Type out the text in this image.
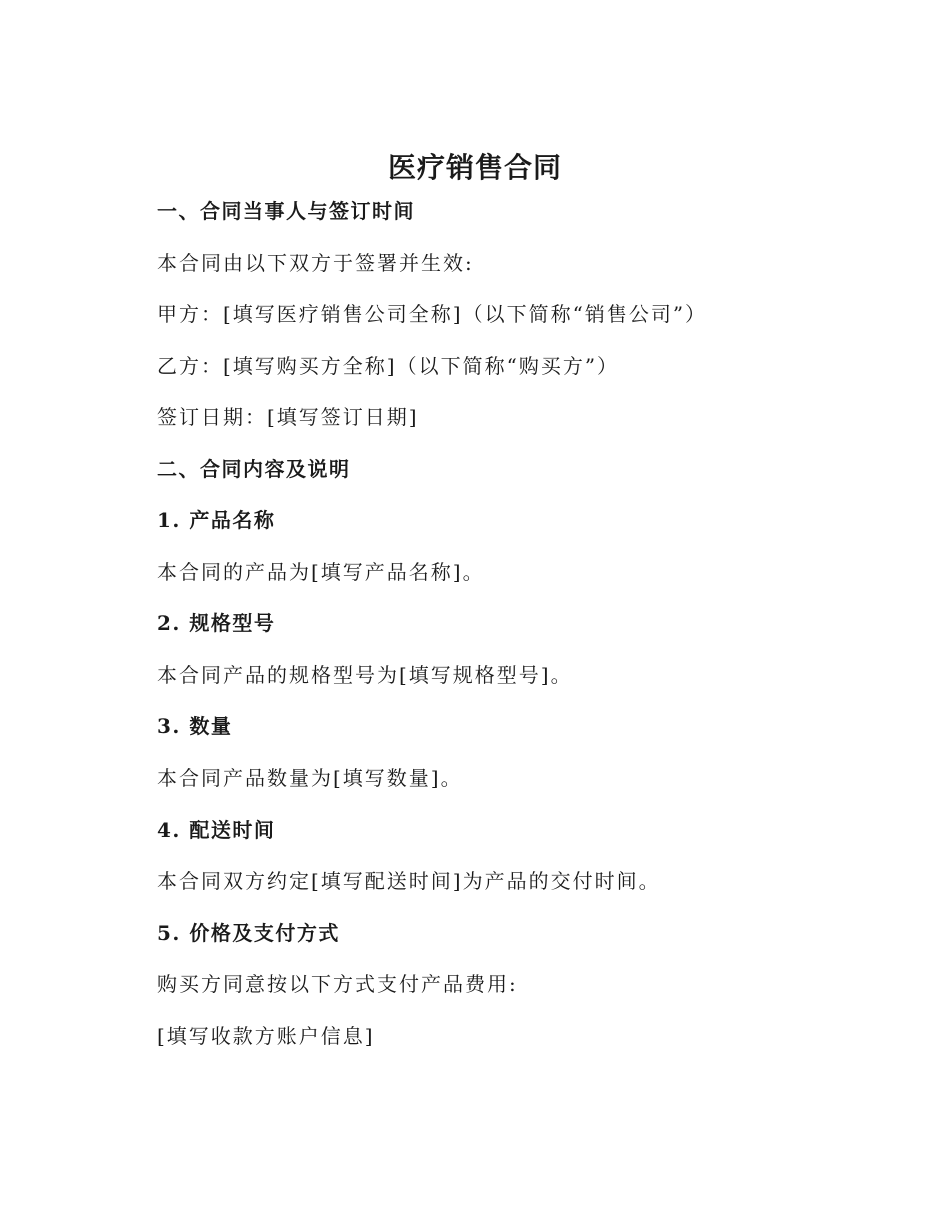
医疗销售合同

一、合同当事人与签订时间

本合同由以下双方于签署并生效:

甲方：[填写医疗销售公司全称]（以下简称“销售公司”）

乙方：[填写购买方全称]（以下简称“购买方”）

签订日期：[填写签订日期]

二、合同内容及说明

1. 产品名称

本合同的产品为[填写产品名称]。

2. 规格型号

本合同产品的规格型号为[填写规格型号]。

3. 数量

本合同产品数量为[填写数量]。

4. 配送时间

本合同双方约定[填写配送时间]为产品的交付时间。

5. 价格及支付方式

购买方同意按以下方式支付产品费用:

[填写收款方账户信息]
